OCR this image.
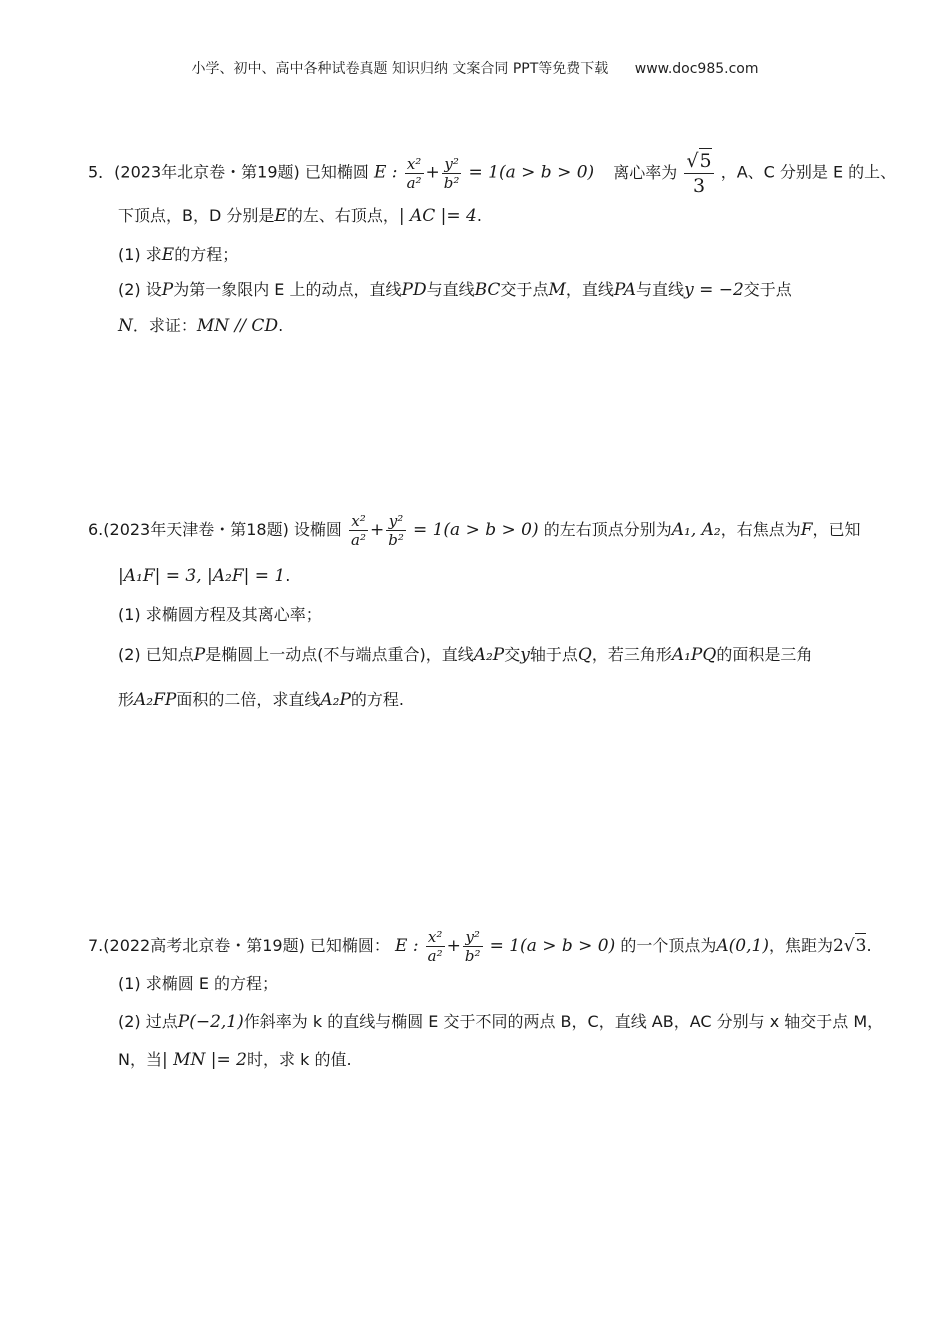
小学、初中、高中各种试卷真题 知识归纳 文案合同 PPT等免费下载 www.doc985.com
5．(2023年北京卷・第19题) 已知椭圆 E : $\frac{\text{x²}}{\text{a²}} + \frac{\text{y²}}{\text{b²}} = 1(a > b > 0)$ 离心率为 $\frac{√5}{3}$ ，A、C 分别是 E 的上、
下顶点，B，D 分别是E的左、右顶点，| AC |= 4.
(1) 求E的方程；
(2) 设P为第一象限内 E 上的动点，直线PD与直线BC交于点M，直线PA与直线y = −2交于点
N．求证：MN // CD.
6.(2023年天津卷・第18题) 设椭圆 $\frac{\text{x²}}{\text{a²}} + \frac{\text{y²}}{\text{b²}} = 1(a > b > 0)$ 的左右顶点分别为A₁, A₂，右焦点为F，已知
|A₁F| = 3, |A₂F| = 1.
(1) 求椭圆方程及其离心率；
(2) 已知点P是椭圆上一动点(不与端点重合)，直线A₂P交y轴于点Q，若三角形A₁PQ的面积是三角
形A₂FP面积的二倍，求直线A₂P的方程.
7.(2022高考北京卷・第19题) 已知椭圆： E : $\frac{\text{x²}}{\text{a²}} + \frac{\text{y²}}{\text{b²}} = 1(a > b > 0)$ 的一个顶点为A(0,1)，焦距为2√3.
(1) 求椭圆 E 的方程；
(2) 过点P(−2,1)作斜率为 k 的直线与椭圆 E 交于不同的两点 B，C，直线 AB，AC 分别与 x 轴交于点 M，
N，当| MN |= 2时，求 k 的值.
